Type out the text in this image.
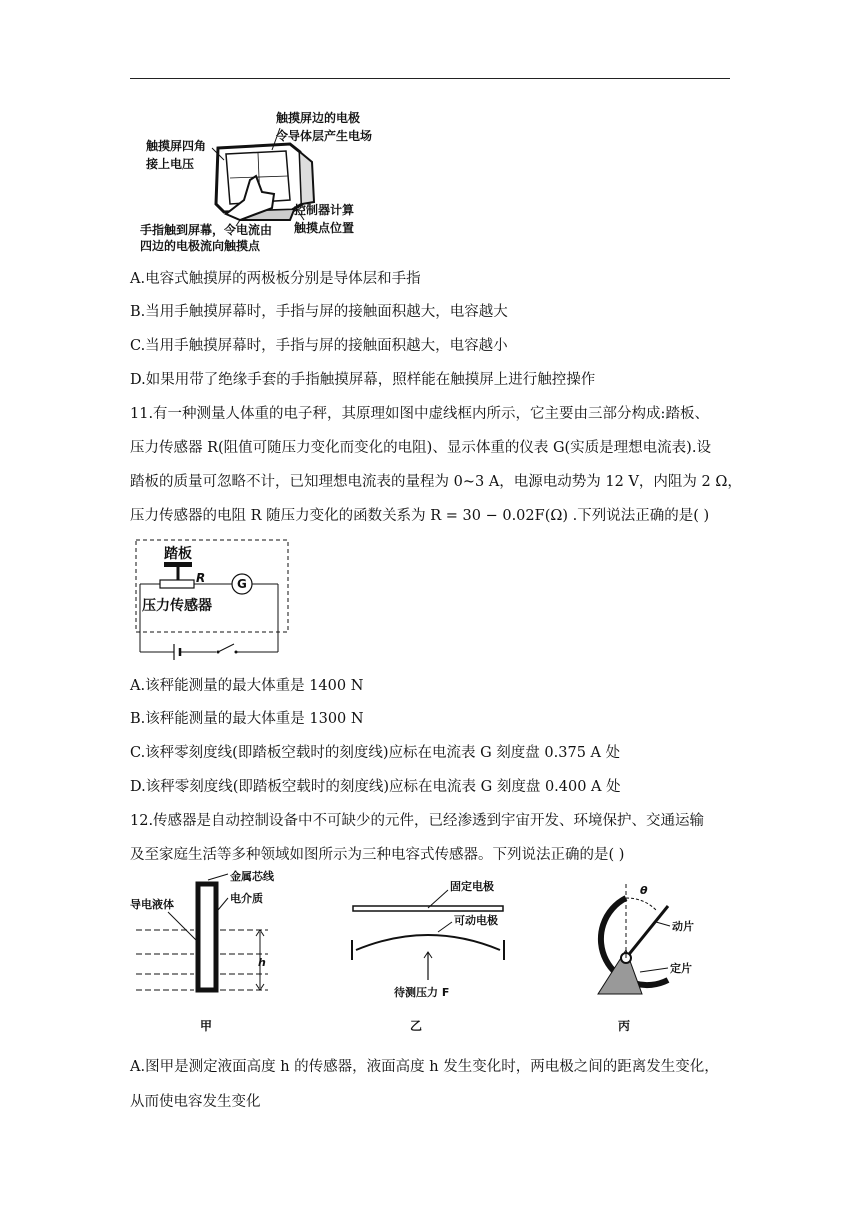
触摸屏四角
接上电压
触摸屏边的电极
令导体层产生电场
控制器计算
触摸点位置
手指触到屏幕，令电流由
四边的电极流向触摸点
A.电容式触摸屏的两极板分别是导体层和手指
B.当用手触摸屏幕时，手指与屏的接触面积越大，电容越大
C.当用手触摸屏幕时，手指与屏的接触面积越大，电容越小
D.如果用带了绝缘手套的手指触摸屏幕，照样能在触摸屏上进行触控操作
11.有一种测量人体重的电子秤，其原理如图中虚线框内所示，它主要由三部分构成:踏板、
压力传感器 R(阻值可随压力变化而变化的电阻)、显示体重的仪表 G(实质是理想电流表).设
踏板的质量可忽略不计，已知理想电流表的量程为 0~3 A，电源电动势为 12 V，内阻为 2 Ω，
压力传感器的电阻 R 随压力变化的函数关系为 R = 30 − 0.02F(Ω) .下列说法正确的是( )
踏板
R	G
压力传感器
A.该秤能测量的最大体重是 1400 N
B.该秤能测量的最大体重是 1300 N
C.该秤零刻度线(即踏板空载时的刻度线)应标在电流表 G 刻度盘 0.375 A 处
D.该秤零刻度线(即踏板空载时的刻度线)应标在电流表 G 刻度盘 0.400 A 处
12.传感器是自动控制设备中不可缺少的元件，已经渗透到宇宙开发、环境保护、交通运输
及至家庭生活等多种领域如图所示为三种电容式传感器。下列说法正确的是( )
金属芯线
电介质
导电液体
h
甲
固定电极
可动电极
待测压力 F
乙
θ
动片
定片
丙
A.图甲是测定液面高度 h 的传感器，液面高度 h 发生变化时，两电极之间的距离发生变化，
从而使电容发生变化
